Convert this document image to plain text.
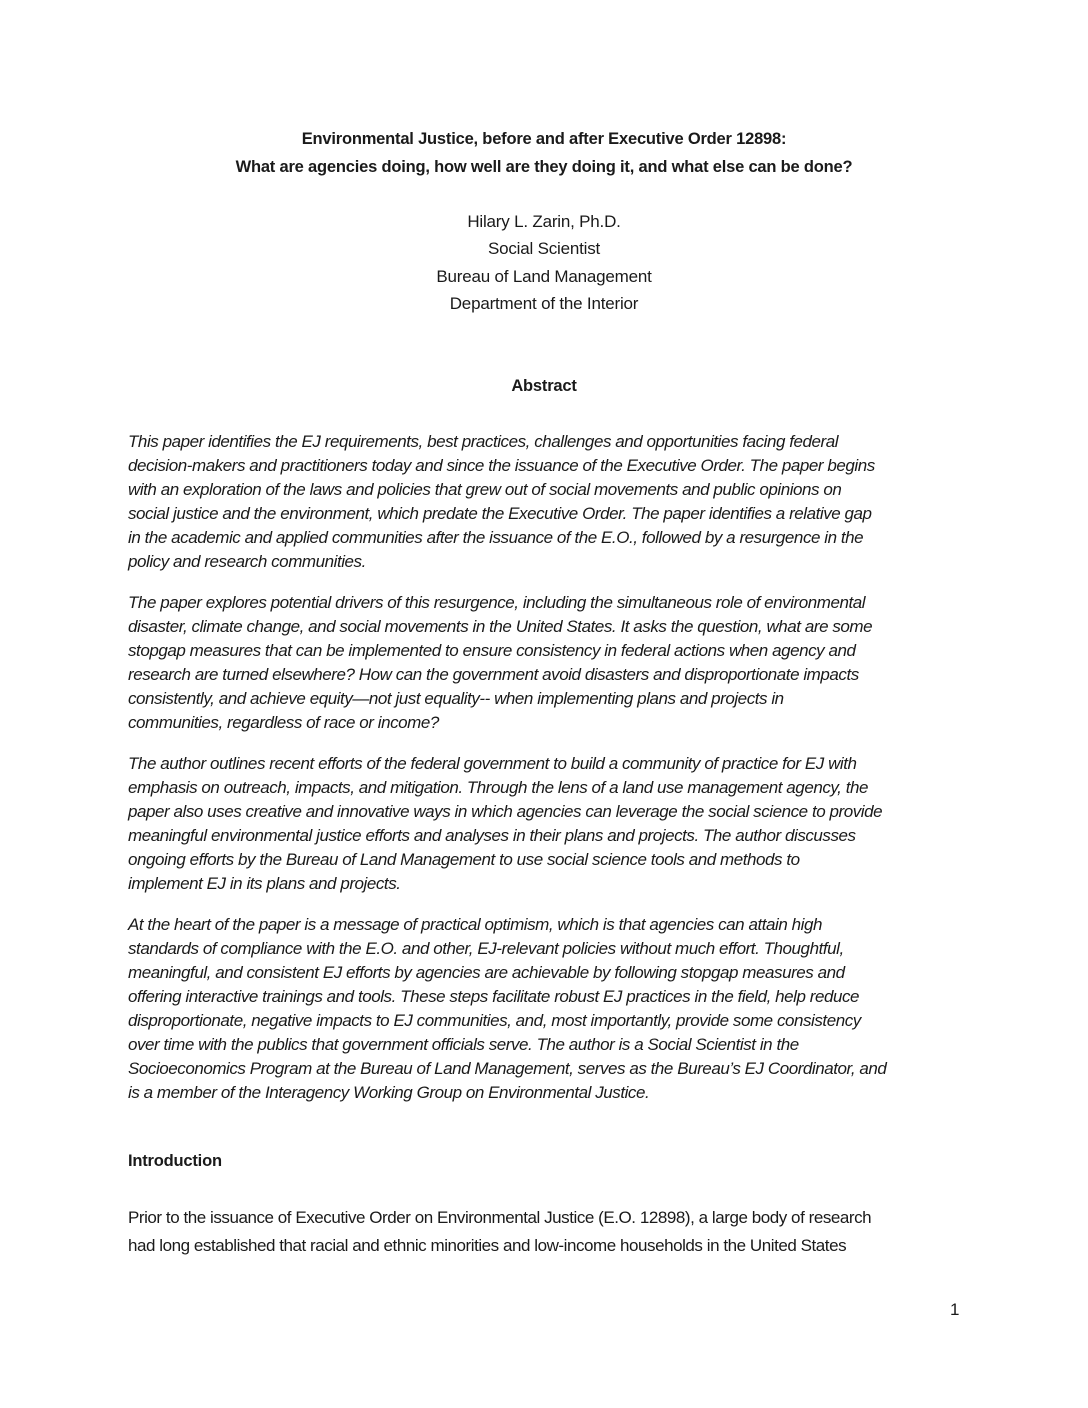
Environmental Justice, before and after Executive Order 12898:
What are agencies doing, how well are they doing it, and what else can be done?
Hilary L. Zarin, Ph.D.
Social Scientist
Bureau of Land Management
Department of the Interior
Abstract
This paper identifies the EJ requirements, best practices, challenges and opportunities facing federal
decision-makers and practitioners today and since the issuance of the Executive Order. The paper begins
with an exploration of the laws and policies that grew out of social movements and public opinions on
social justice and the environment, which predate the Executive Order. The paper identifies a relative gap
in the academic and applied communities after the issuance of the E.O., followed by a resurgence in the
policy and research communities.
The paper explores potential drivers of this resurgence, including the simultaneous role of environmental
disaster, climate change, and social movements in the United States. It asks the question, what are some
stopgap measures that can be implemented to ensure consistency in federal actions when agency and
research are turned elsewhere? How can the government avoid disasters and disproportionate impacts
consistently, and achieve equity—not just equality-- when implementing plans and projects in
communities, regardless of race or income?
The author outlines recent efforts of the federal government to build a community of practice for EJ with
emphasis on outreach, impacts, and mitigation. Through the lens of a land use management agency, the
paper also uses creative and innovative ways in which agencies can leverage the social science to provide
meaningful environmental justice efforts and analyses in their plans and projects. The author discusses
ongoing efforts by the Bureau of Land Management to use social science tools and methods to
implement EJ in its plans and projects.
At the heart of the paper is a message of practical optimism, which is that agencies can attain high
standards of compliance with the E.O. and other, EJ-relevant policies without much effort. Thoughtful,
meaningful, and consistent EJ efforts by agencies are achievable by following stopgap measures and
offering interactive trainings and tools. These steps facilitate robust EJ practices in the field, help reduce
disproportionate, negative impacts to EJ communities, and, most importantly, provide some consistency
over time with the publics that government officials serve. The author is a Social Scientist in the
Socioeconomics Program at the Bureau of Land Management, serves as the Bureau’s EJ Coordinator, and
is a member of the Interagency Working Group on Environmental Justice.
Introduction
Prior to the issuance of Executive Order on Environmental Justice (E.O. 12898), a large body of research
had long established that racial and ethnic minorities and low-income households in the United States
1
